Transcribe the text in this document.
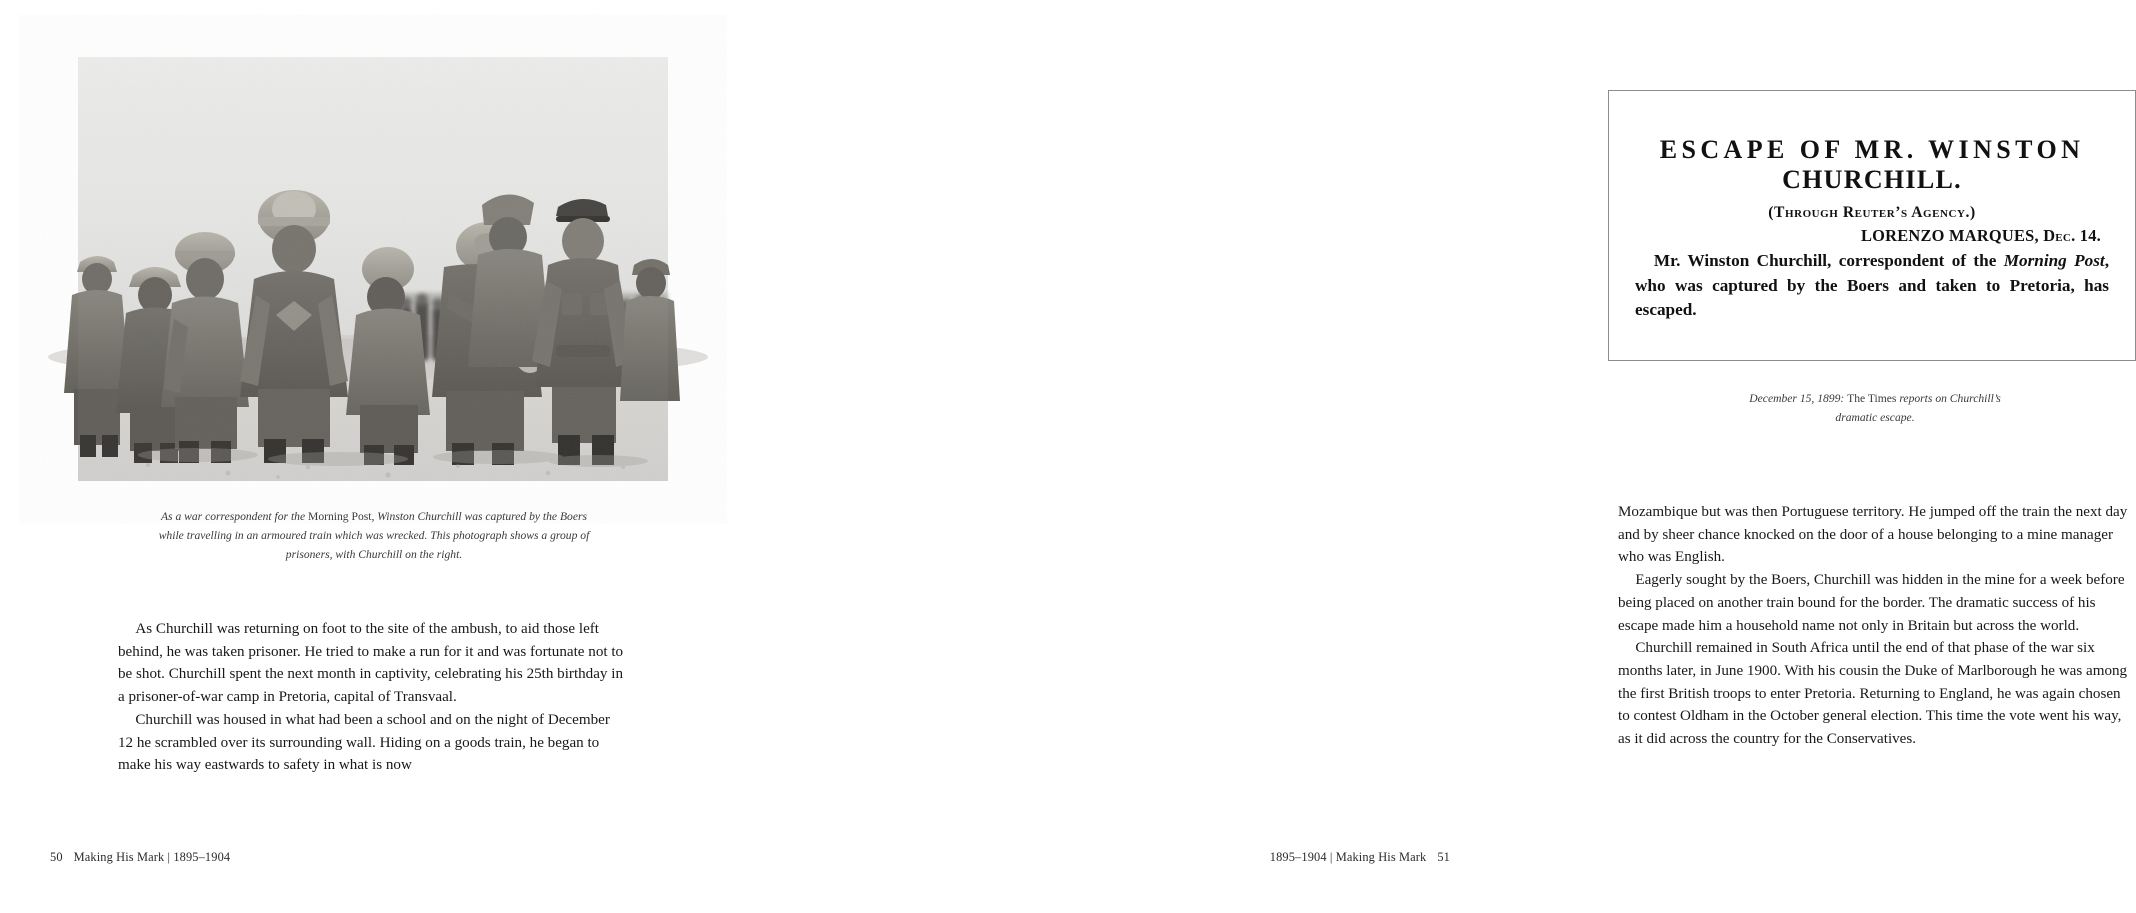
As a war correspondent for the Morning Post, Winston Churchill was captured by the Boers while travelling in an armoured train which was wrecked. This photograph shows a group of prisoners, with Churchill on the right.

As Churchill was returning on foot to the site of the ambush, to aid those left behind, he was taken prisoner. He tried to make a run for it and was fortunate not to be shot. Churchill spent the next month in captivity, celebrating his 25th birthday in a prisoner-of-war camp in Pretoria, capital of Transvaal.

Churchill was housed in what had been a school and on the night of December 12 he scrambled over its surrounding wall. Hiding on a goods train, he began to make his way eastwards to safety in what is now

50 Making His Mark | 1895–1904
ESCAPE OF MR. WINSTON
CHURCHILL.
(Through Reuter’s Agency.)
LORENZO MARQUES, Dec. 14.

Mr. Winston Churchill, correspondent of the Morning Post, who was captured by the Boers and taken to Pretoria, has escaped.

December 15, 1899: The Times reports on Churchill’s dramatic escape.

Mozambique but was then Portuguese territory. He jumped off the train the next day and by sheer chance knocked on the door of a house belonging to a mine manager who was English.

Eagerly sought by the Boers, Churchill was hidden in the mine for a week before being placed on another train bound for the border. The dramatic success of his escape made him a household name not only in Britain but across the world.

Churchill remained in South Africa until the end of that phase of the war six months later, in June 1900. With his cousin the Duke of Marlborough he was among the first British troops to enter Pretoria. Returning to England, he was again chosen to contest Oldham in the October general election. This time the vote went his way, as it did across the country for the Conservatives.

1895–1904 | Making His Mark 51
